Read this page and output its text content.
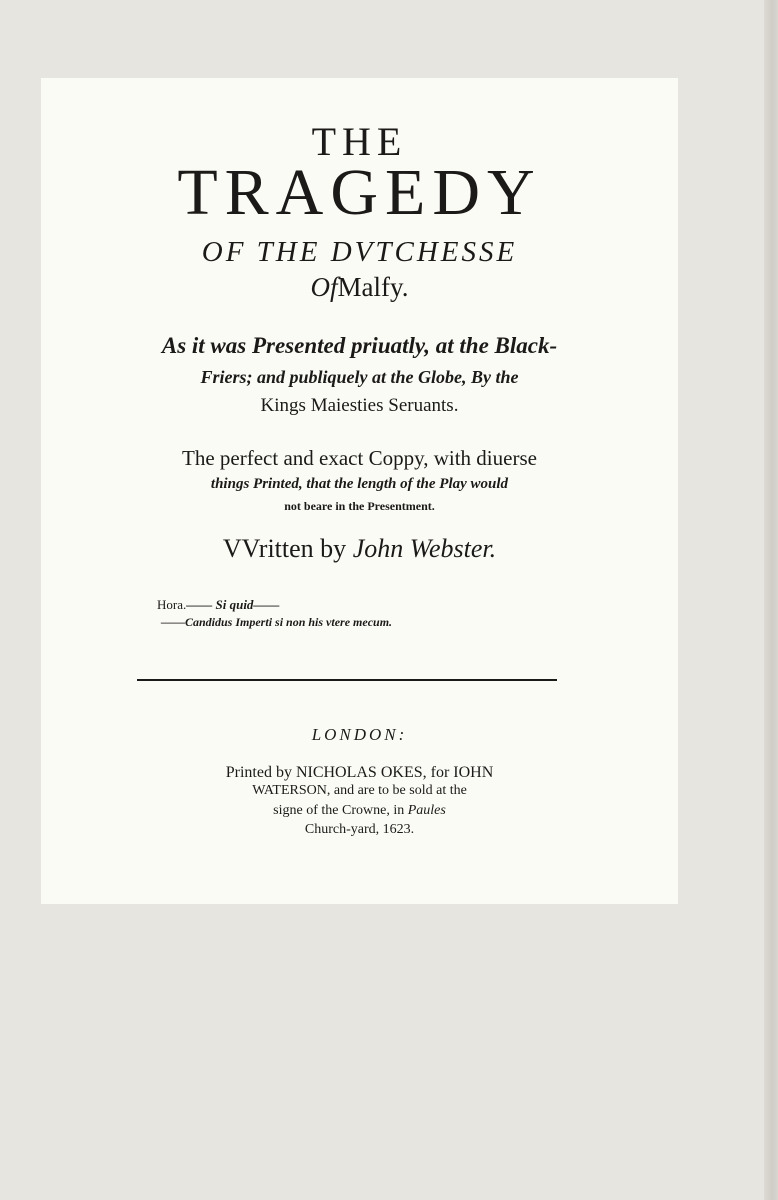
THE
TRAGEDY
OF THE DVTCHESSE
OfMalfy.
As it was Presented priuatly, at the Black-
Friers; and publiquely at the Globe, By the
Kings Maiesties Seruants.
The perfect and exact Coppy, with diuerse
things Printed, that the length of the Play would
not beare in the Presentment.
VVritten by John Webster.
Hora.—— Si quid——
——Candidus Imperti si non his vtere mecum.
LONDON:
Printed by NICHOLAS OKES, for IOHN
WATERSON, and are to be sold at the
signe of the Crowne, in Paules
Church-yard, 1623.
